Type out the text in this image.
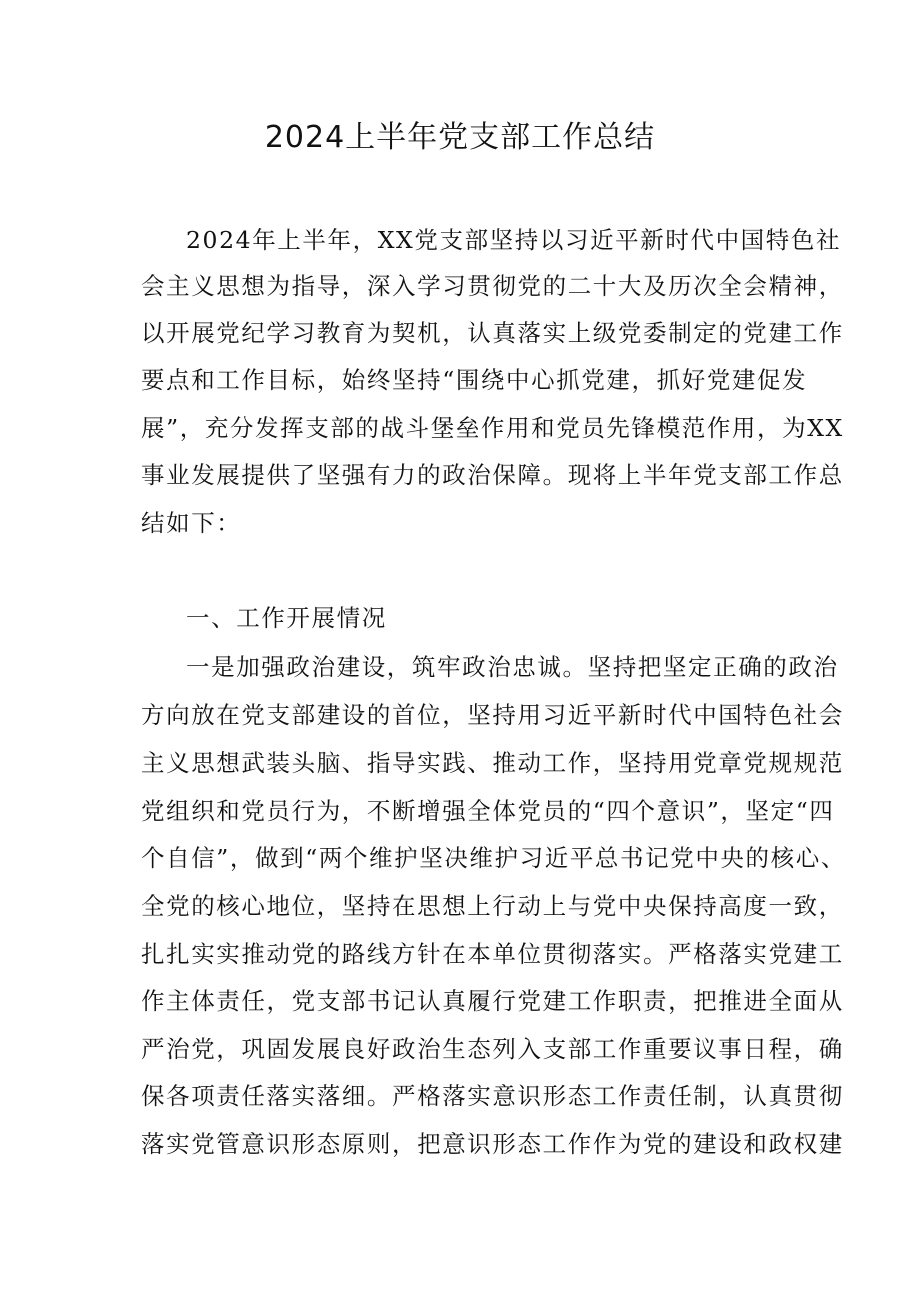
2024上半年党支部工作总结
2024年上半年，XX党支部坚持以习近平新时代中国特色社
会主义思想为指导，深入学习贯彻党的二十大及历次全会精神，
以开展党纪学习教育为契机，认真落实上级党委制定的党建工作
要点和工作目标，始终坚持“围绕中心抓党建，抓好党建促发
展”，充分发挥支部的战斗堡垒作用和党员先锋模范作用，为XX
事业发展提供了坚强有力的政治保障。现将上半年党支部工作总
结如下：
一、工作开展情况
一是加强政治建设，筑牢政治忠诚。坚持把坚定正确的政治
方向放在党支部建设的首位，坚持用习近平新时代中国特色社会
主义思想武装头脑、指导实践、推动工作，坚持用党章党规规范
党组织和党员行为，不断增强全体党员的“四个意识”，坚定“四
个自信”，做到“两个维护坚决维护习近平总书记党中央的核心、
全党的核心地位，坚持在思想上行动上与党中央保持高度一致，
扎扎实实推动党的路线方针在本单位贯彻落实。严格落实党建工
作主体责任，党支部书记认真履行党建工作职责，把推进全面从
严治党，巩固发展良好政治生态列入支部工作重要议事日程，确
保各项责任落实落细。严格落实意识形态工作责任制，认真贯彻
落实党管意识形态原则，把意识形态工作作为党的建设和政权建
